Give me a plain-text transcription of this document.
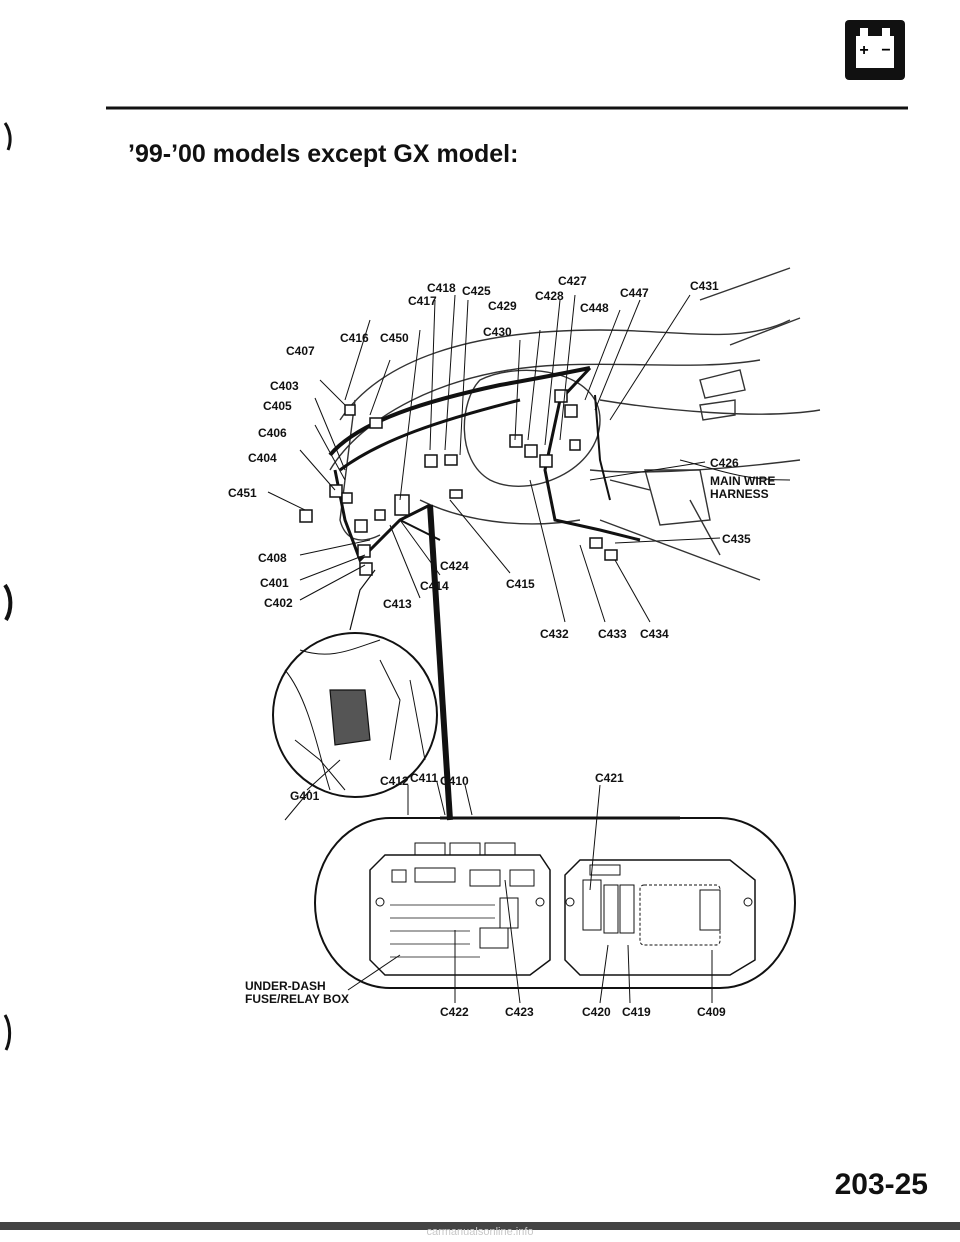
+ −
C418 C425
C417
C427	C431
C429
C428	C447
C448
C416 C450	C430
C407
C403
C405
C406
C404
C451
C426
MAIN WIRE
HARNESS
C435
C408
C424
C401	C414	C415
C402	C413
C432 C433 C434
C412 C411 C410	C421
G401
UNDER-DASH
FUSE/RELAY BOX
C422	C423	C420 C419	C409
’99-’00 models except GX model:
203-25
carmanualsonline.info
